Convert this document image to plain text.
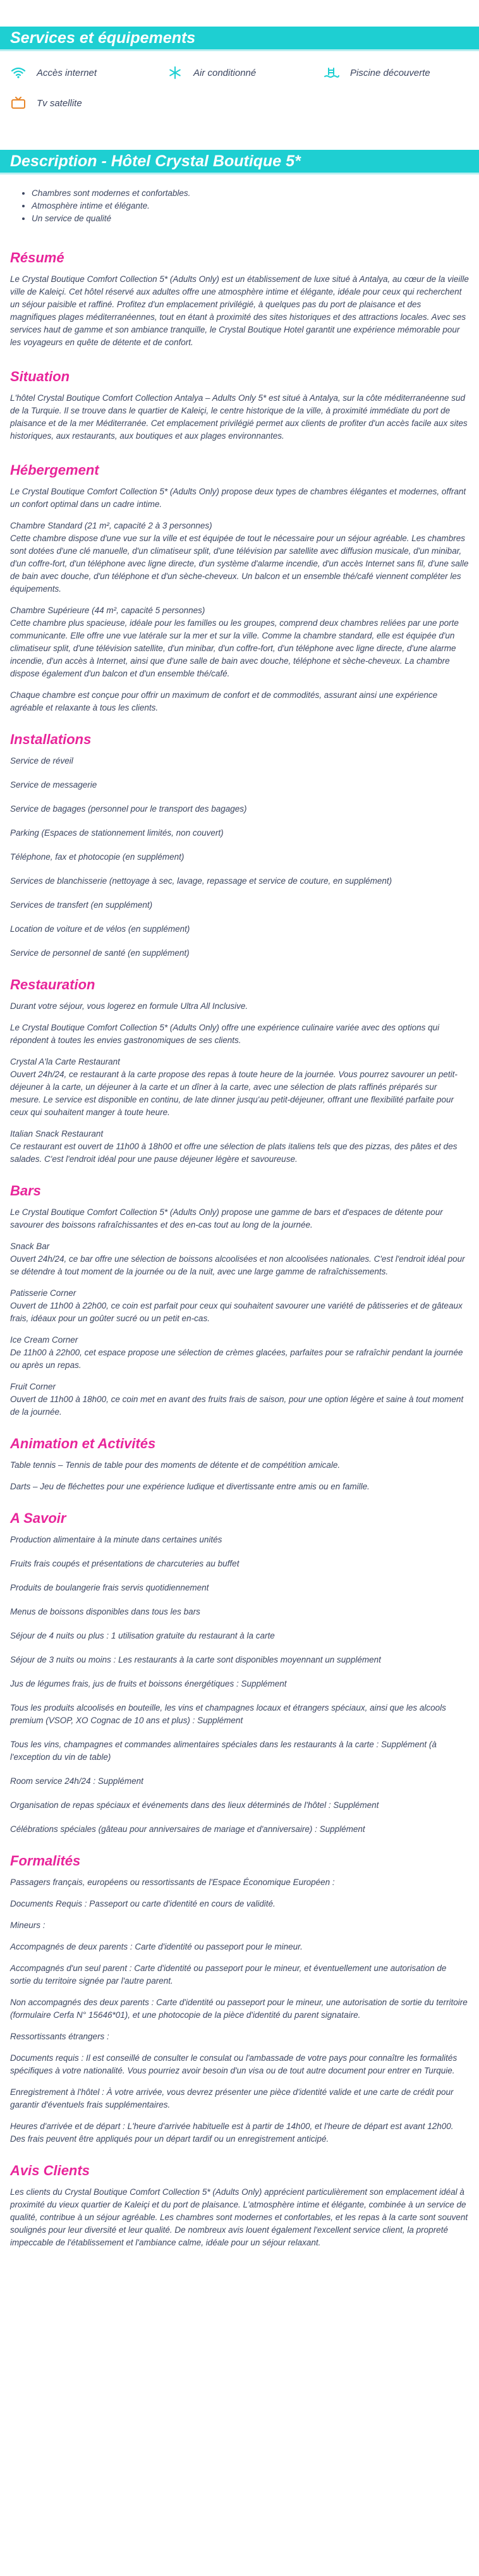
Services et équipements
Accès internet	Air conditionné	Piscine découverte
Tv satellite
Description - Hôtel Crystal Boutique 5*
• Chambres sont modernes et confortables.
• Atmosphère intime et élégante.
• Un service de qualité
Résumé

Le Crystal Boutique Comfort Collection 5* (Adults Only) est un établissement de luxe situé à Antalya, au cœur de la vieille ville de Kaleiçi. Cet hôtel réservé aux adultes offre une atmosphère intime et élégante, idéale pour ceux qui recherchent un séjour paisible et raffiné. Profitez d'un emplacement privilégié, à quelques pas du port de plaisance et des magnifiques plages méditerranéennes, tout en étant à proximité des sites historiques et des attractions locales. Avec ses services haut de gamme et son ambiance tranquille, le Crystal Boutique Hotel garantit une expérience mémorable pour les voyageurs en quête de détente et de confort.

Situation

L'hôtel Crystal Boutique Comfort Collection Antalya – Adults Only 5* est situé à Antalya, sur la côte méditerranéenne sud de la Turquie. Il se trouve dans le quartier de Kaleiçi, le centre historique de la ville, à proximité immédiate du port de plaisance et de la mer Méditerranée. Cet emplacement privilégié permet aux clients de profiter d'un accès facile aux sites historiques, aux restaurants, aux boutiques et aux plages environnantes.

Hébergement

Le Crystal Boutique Comfort Collection 5* (Adults Only) propose deux types de chambres élégantes et modernes, offrant un confort optimal dans un cadre intime.

Chambre Standard (21 m², capacité 2 à 3 personnes)
Cette chambre dispose d'une vue sur la ville et est équipée de tout le nécessaire pour un séjour agréable. Les chambres sont dotées d'une clé manuelle, d'un climatiseur split, d'une télévision par satellite avec diffusion musicale, d'un minibar, d'un coffre-fort, d'un téléphone avec ligne directe, d'un système d'alarme incendie, d'un accès Internet sans fil, d'une salle de bain avec douche, d'un téléphone et d'un sèche-cheveux. Un balcon et un ensemble thé/café viennent compléter les équipements.

Chambre Supérieure (44 m², capacité 5 personnes)
Cette chambre plus spacieuse, idéale pour les familles ou les groupes, comprend deux chambres reliées par une porte communicante. Elle offre une vue latérale sur la mer et sur la ville. Comme la chambre standard, elle est équipée d'un climatiseur split, d'une télévision satellite, d'un minibar, d'un coffre-fort, d'un téléphone avec ligne directe, d'une alarme incendie, d'un accès à Internet, ainsi que d'une salle de bain avec douche, téléphone et sèche-cheveux. La chambre dispose également d'un balcon et d'un ensemble thé/café.

Chaque chambre est conçue pour offrir un maximum de confort et de commodités, assurant ainsi une expérience agréable et relaxante à tous les clients.

Installations

Service de réveil

Service de messagerie

Service de bagages (personnel pour le transport des bagages)

Parking (Espaces de stationnement limités, non couvert)

Téléphone, fax et photocopie (en supplément)

Services de blanchisserie (nettoyage à sec, lavage, repassage et service de couture, en supplément)

Services de transfert (en supplément)

Location de voiture et de vélos (en supplément)

Service de personnel de santé (en supplément)

Restauration

Durant votre séjour, vous logerez en formule Ultra All Inclusive.

Le Crystal Boutique Comfort Collection 5* (Adults Only) offre une expérience culinaire variée avec des options qui répondent à toutes les envies gastronomiques de ses clients.

Crystal A'la Carte Restaurant
Ouvert 24h/24, ce restaurant à la carte propose des repas à toute heure de la journée. Vous pourrez savourer un petit-déjeuner à la carte, un déjeuner à la carte et un dîner à la carte, avec une sélection de plats raffinés préparés sur mesure. Le service est disponible en continu, de late dinner jusqu'au petit-déjeuner, offrant une flexibilité parfaite pour ceux qui souhaitent manger à toute heure.

Italian Snack Restaurant
Ce restaurant est ouvert de 11h00 à 18h00 et offre une sélection de plats italiens tels que des pizzas, des pâtes et des salades. C'est l'endroit idéal pour une pause déjeuner légère et savoureuse.

Bars

Le Crystal Boutique Comfort Collection 5* (Adults Only) propose une gamme de bars et d'espaces de détente pour savourer des boissons rafraîchissantes et des en-cas tout au long de la journée.

Snack Bar
Ouvert 24h/24, ce bar offre une sélection de boissons alcoolisées et non alcoolisées nationales. C'est l'endroit idéal pour se détendre à tout moment de la journée ou de la nuit, avec une large gamme de rafraîchissements.

Patisserie Corner
Ouvert de 11h00 à 22h00, ce coin est parfait pour ceux qui souhaitent savourer une variété de pâtisseries et de gâteaux frais, idéaux pour un goûter sucré ou un petit en-cas.

Ice Cream Corner
De 11h00 à 22h00, cet espace propose une sélection de crèmes glacées, parfaites pour se rafraîchir pendant la journée ou après un repas.

Fruit Corner
Ouvert de 11h00 à 18h00, ce coin met en avant des fruits frais de saison, pour une option légère et saine à tout moment de la journée.

Animation et Activités

Table tennis – Tennis de table pour des moments de détente et de compétition amicale.

Darts – Jeu de fléchettes pour une expérience ludique et divertissante entre amis ou en famille.

A Savoir

Production alimentaire à la minute dans certaines unités

Fruits frais coupés et présentations de charcuteries au buffet

Produits de boulangerie frais servis quotidiennement

Menus de boissons disponibles dans tous les bars

Séjour de 4 nuits ou plus : 1 utilisation gratuite du restaurant à la carte

Séjour de 3 nuits ou moins : Les restaurants à la carte sont disponibles moyennant un supplément

Jus de légumes frais, jus de fruits et boissons énergétiques : Supplément

Tous les produits alcoolisés en bouteille, les vins et champagnes locaux et étrangers spéciaux, ainsi que les alcools premium (VSOP, XO Cognac de 10 ans et plus) : Supplément

Tous les vins, champagnes et commandes alimentaires spéciales dans les restaurants à la carte : Supplément (à l'exception du vin de table)

Room service 24h/24 : Supplément

Organisation de repas spéciaux et événements dans des lieux déterminés de l'hôtel : Supplément

Célébrations spéciales (gâteau pour anniversaires de mariage et d'anniversaire) : Supplément

Formalités

Passagers français, européens ou ressortissants de l'Espace Économique Européen :

Documents Requis : Passeport ou carte d'identité en cours de validité.

Mineurs :

Accompagnés de deux parents : Carte d'identité ou passeport pour le mineur.

Accompagnés d'un seul parent : Carte d'identité ou passeport pour le mineur, et éventuellement une autorisation de sortie du territoire signée par l'autre parent.

Non accompagnés des deux parents : Carte d'identité ou passeport pour le mineur, une autorisation de sortie du territoire (formulaire Cerfa N° 15646*01), et une photocopie de la pièce d'identité du parent signataire.

Ressortissants étrangers :

Documents requis : Il est conseillé de consulter le consulat ou l'ambassade de votre pays pour connaître les formalités spécifiques à votre nationalité. Vous pourriez avoir besoin d'un visa ou de tout autre document pour entrer en Turquie.

Enregistrement à l'hôtel : À votre arrivée, vous devrez présenter une pièce d'identité valide et une carte de crédit pour garantir d'éventuels frais supplémentaires.

Heures d'arrivée et de départ : L'heure d'arrivée habituelle est à partir de 14h00, et l'heure de départ est avant 12h00. Des frais peuvent être appliqués pour un départ tardif ou un enregistrement anticipé.

Avis Clients

Les clients du Crystal Boutique Comfort Collection 5* (Adults Only) apprécient particulièrement son emplacement idéal à proximité du vieux quartier de Kaleiçi et du port de plaisance. L'atmosphère intime et élégante, combinée à un service de qualité, contribue à un séjour agréable. Les chambres sont modernes et confortables, et les repas à la carte sont souvent soulignés pour leur diversité et leur qualité. De nombreux avis louent également l'excellent service client, la propreté impeccable de l'établissement et l'ambiance calme, idéale pour un séjour relaxant.
